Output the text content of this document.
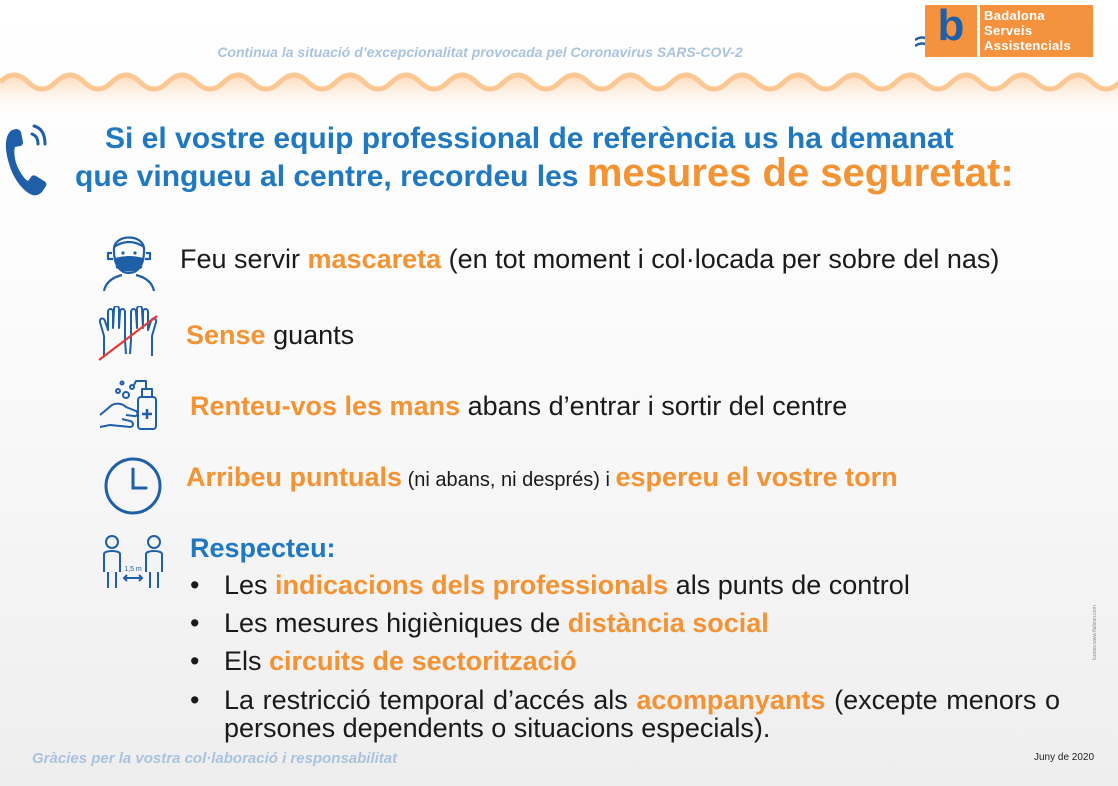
Continua la situació d’excepcionalitat provocada pel Coronavirus SARS-COV-2
b	Badalona
Serveis
Assistencials
Si el vostre equip professional de referència us ha demanat
que vingueu al centre, recordeu les mesures de seguretat:
Feu servir mascareta (en tot moment i col·locada per sobre del nas)
Sense guants
Renteu-vos les mans abans d’entrar i sortir del centre
Arribeu puntuals (ni abans, ni després) i espereu el vostre torn
1,5 m
Respecteu:
• Les indicacions dels professionals als punts de control
• Les mesures higièniques de distància social
• Els circuits de sectorització
• La restricció temporal d’accés als acompanyants (excepte menors o persones dependents o situacions especials).
Gràcies per la vostra col·laboració i responsabilitat	Juny de 2020
Icones:www.flaticon.com
